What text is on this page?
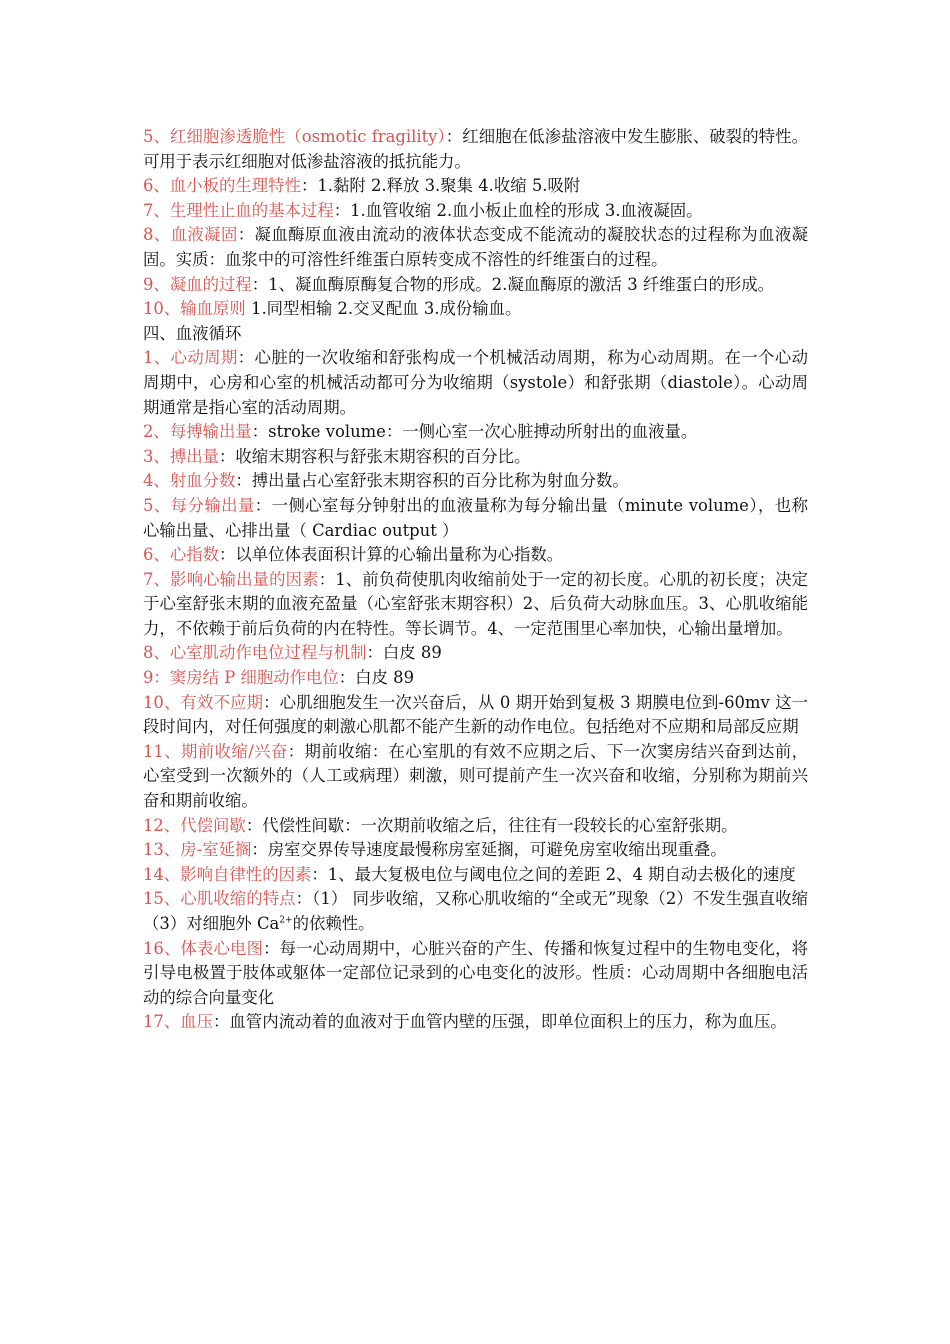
5、红细胞渗透脆性（osmotic fragility）：红细胞在低渗盐溶液中发生膨胀、破裂的特性。可用于表示红细胞对低渗盐溶液的抵抗能力。

6、血小板的生理特性：1.黏附 2.释放 3.聚集 4.收缩 5.吸附

7、生理性止血的基本过程：1.血管收缩 2.血小板止血栓的形成 3.血液凝固。

8、血液凝固：凝血酶原血液由流动的液体状态变成不能流动的凝胶状态的过程称为血液凝固。实质：血浆中的可溶性纤维蛋白原转变成不溶性的纤维蛋白的过程。

9、凝血的过程：1、凝血酶原酶复合物的形成。2.凝血酶原的激活 3 纤维蛋白的形成。

10、输血原则 1.同型相输 2.交叉配血 3.成份输血。

四、血液循环

1、心动周期：心脏的一次收缩和舒张构成一个机械活动周期，称为心动周期。在一个心动周期中，心房和心室的机械活动都可分为收缩期（systole）和舒张期（diastole）。心动周期通常是指心室的活动周期。

2、每搏输出量：stroke volume：一侧心室一次心脏搏动所射出的血液量。

3、搏出量：收缩末期容积与舒张末期容积的百分比。

4、射血分数：搏出量占心室舒张末期容积的百分比称为射血分数。

5、每分输出量：一侧心室每分钟射出的血液量称为每分输出量（minute volume），也称心输出量、心排出量（ Cardiac output ）

6、心指数：以单位体表面积计算的心输出量称为心指数。

7、影响心输出量的因素：1、前负荷使肌肉收缩前处于一定的初长度。心肌的初长度；决定于心室舒张末期的血液充盈量（心室舒张末期容积）2、后负荷大动脉血压。3、心肌收缩能力，不依赖于前后负荷的内在特性。等长调节。4、一定范围里心率加快，心输出量增加。

8、心室肌动作电位过程与机制：白皮 89

9：窦房结 P 细胞动作电位：白皮 89

10、有效不应期：心肌细胞发生一次兴奋后，从 0 期开始到复极 3 期膜电位到-60mv 这一段时间内，对任何强度的刺激心肌都不能产生新的动作电位。包括绝对不应期和局部反应期

11、期前收缩/兴奋：期前收缩：在心室肌的有效不应期之后、下一次窦房结兴奋到达前，心室受到一次额外的（人工或病理）刺激，则可提前产生一次兴奋和收缩，分别称为期前兴奋和期前收缩。

12、代偿间歇：代偿性间歇：一次期前收缩之后，往往有一段较长的心室舒张期。

13、房-室延搁：房室交界传导速度最慢称房室延搁，可避免房室收缩出现重叠。

14、影响自律性的因素：1、最大复极电位与阈电位之间的差距 2、4 期自动去极化的速度

15、心肌收缩的特点：（1） 同步收缩，又称心肌收缩的“全或无”现象（2）不发生强直收缩（3）对细胞外 $Ca^{2+}$的依赖性。

16、体表心电图：每一心动周期中，心脏兴奋的产生、传播和恢复过程中的生物电变化，将引导电极置于肢体或躯体一定部位记录到的心电变化的波形。性质：心动周期中各细胞电活动的综合向量变化

17、血压：血管内流动着的血液对于血管内壁的压强，即单位面积上的压力，称为血压。
